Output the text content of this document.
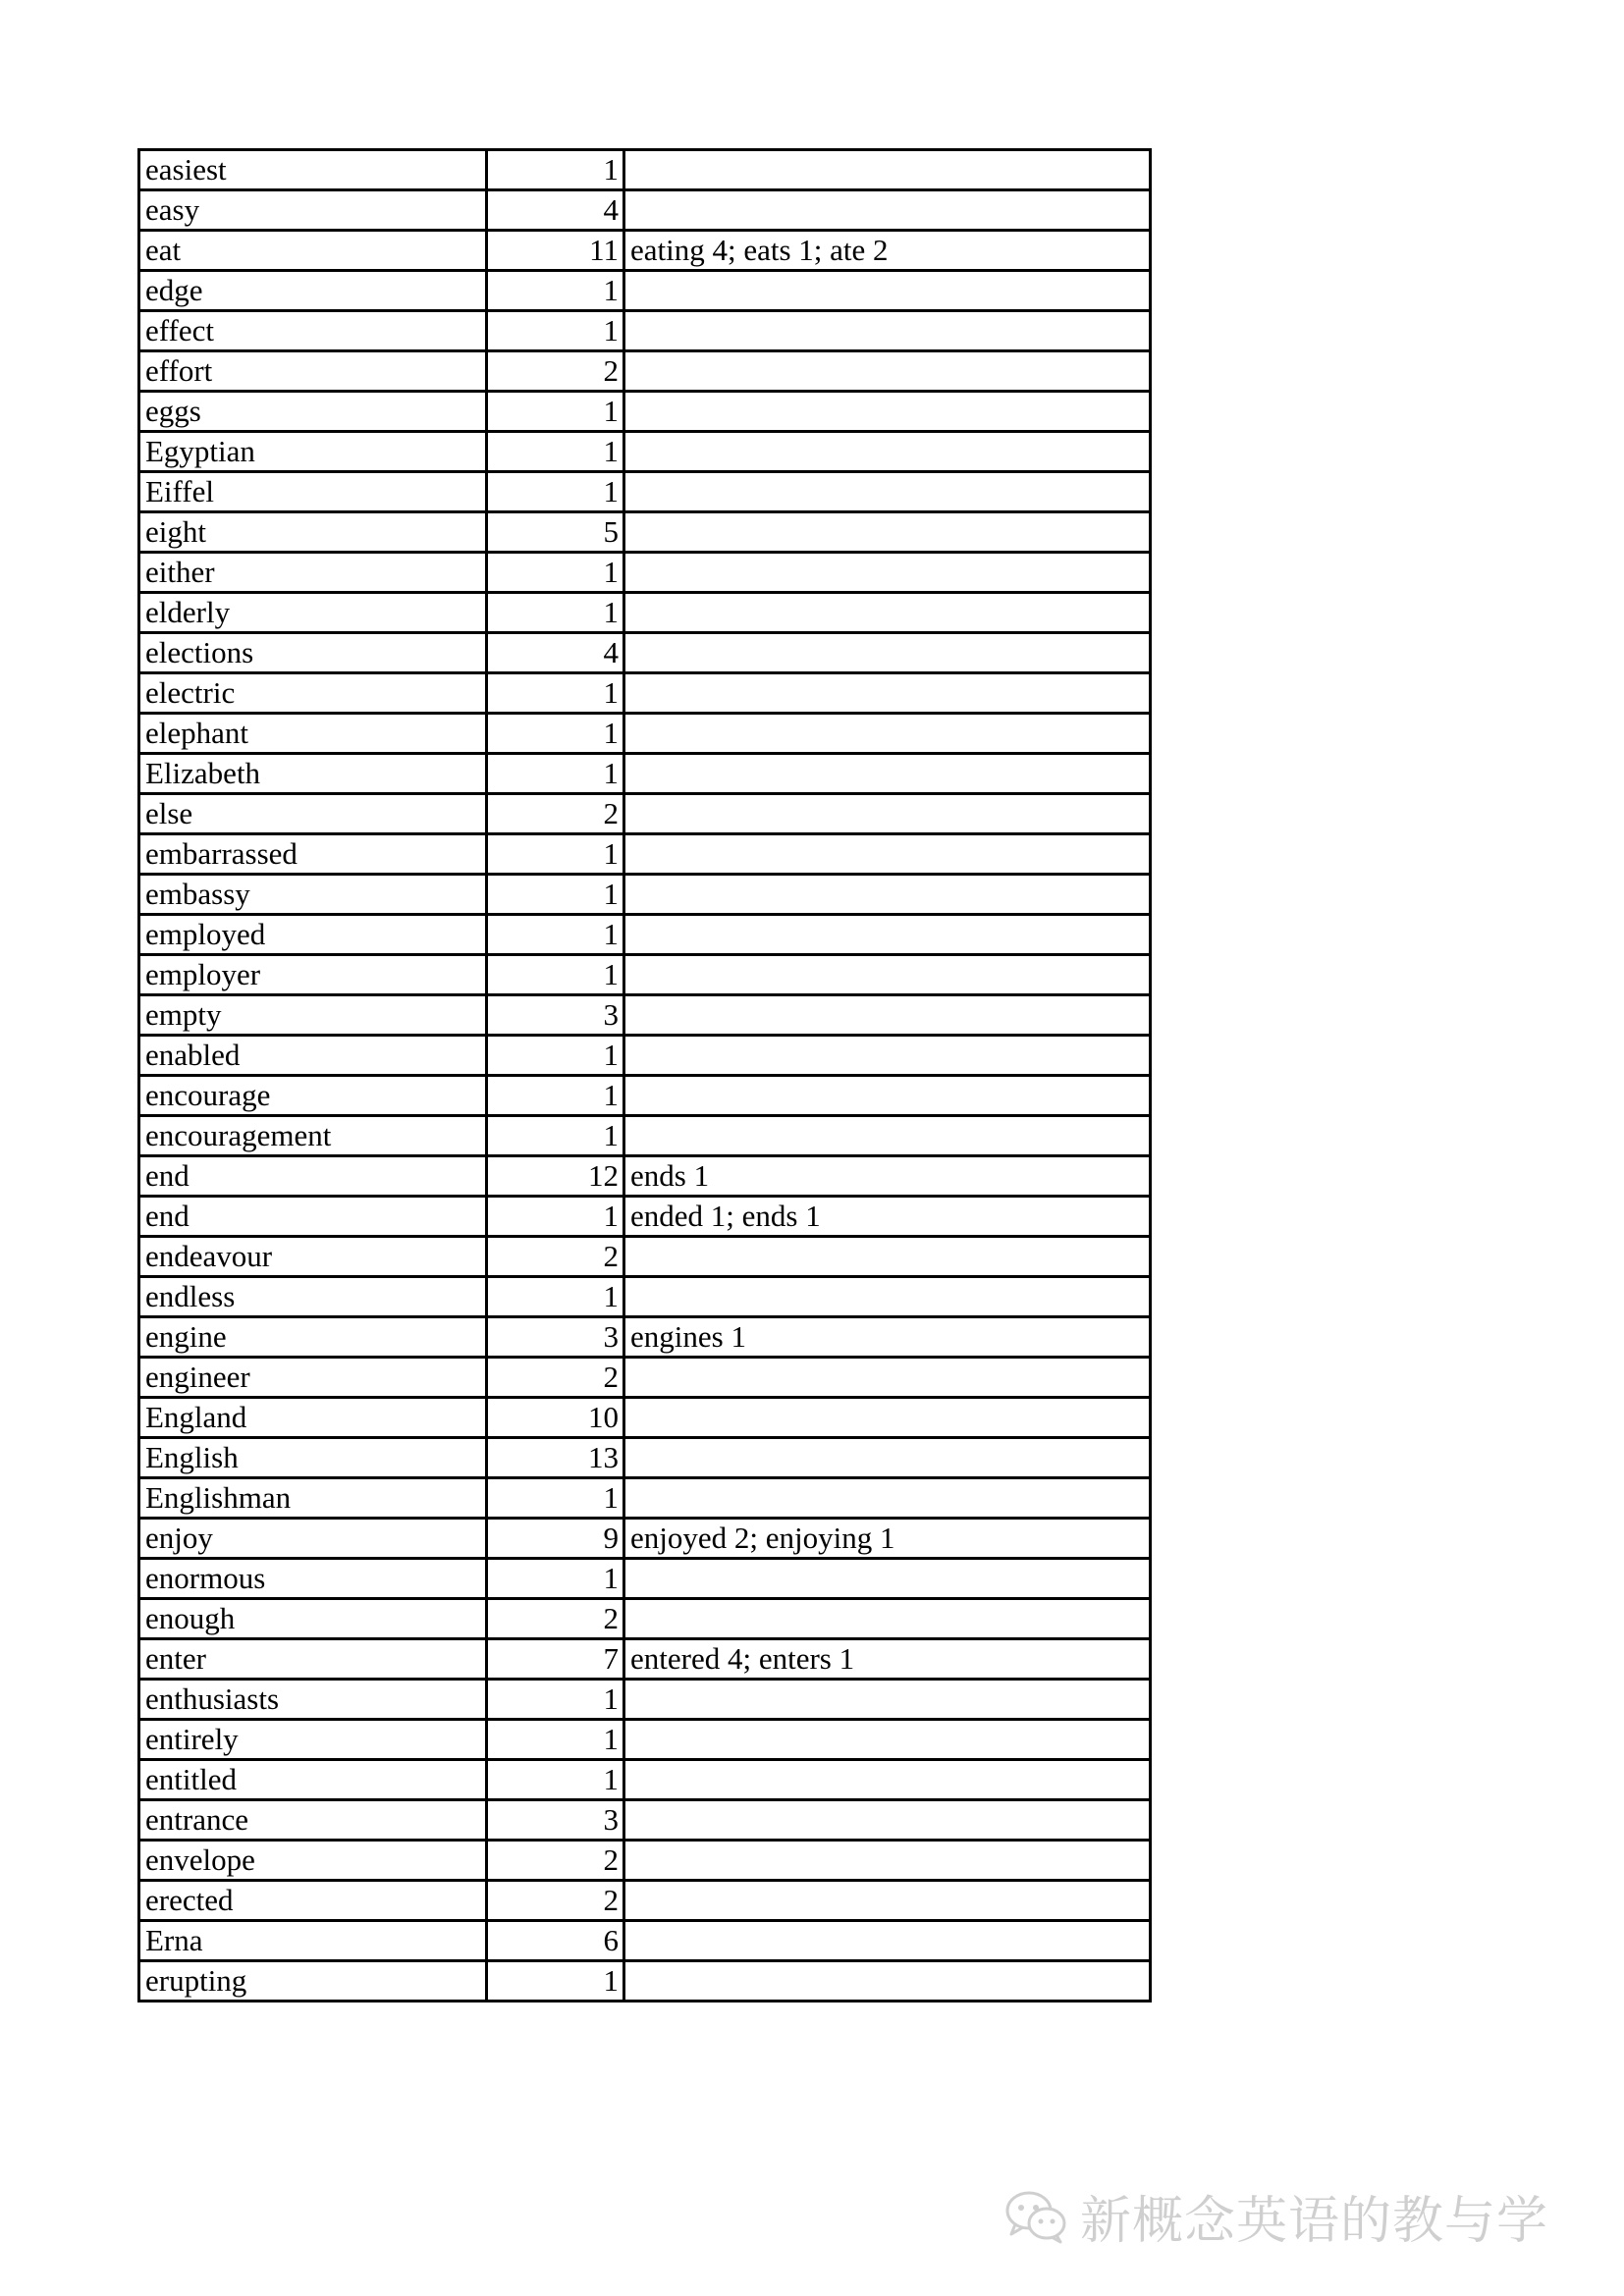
easiest	1	
easy	4	
eat	11	eating 4; eats 1; ate 2
edge	1	
effect	1	
effort	2	
eggs	1	
Egyptian	1	
Eiffel	1	
eight	5	
either	1	
elderly	1	
elections	4	
electric	1	
elephant	1	
Elizabeth	1	
else	2	
embarrassed	1	
embassy	1	
employed	1	
employer	1	
empty	3	
enabled	1	
encourage	1	
encouragement	1	
end	12	ends 1
end	1	ended 1; ends 1
endeavour	2	
endless	1	
engine	3	engines 1
engineer	2	
England	10	
English	13	
Englishman	1	
enjoy	9	enjoyed 2; enjoying 1
enormous	1	
enough	2	
enter	7	entered 4; enters 1
enthusiasts	1	
entirely	1	
entitled	1	
entrance	3	
envelope	2	
erected	2	
Erna	6	
erupting	1	
新概念英语的教与学
